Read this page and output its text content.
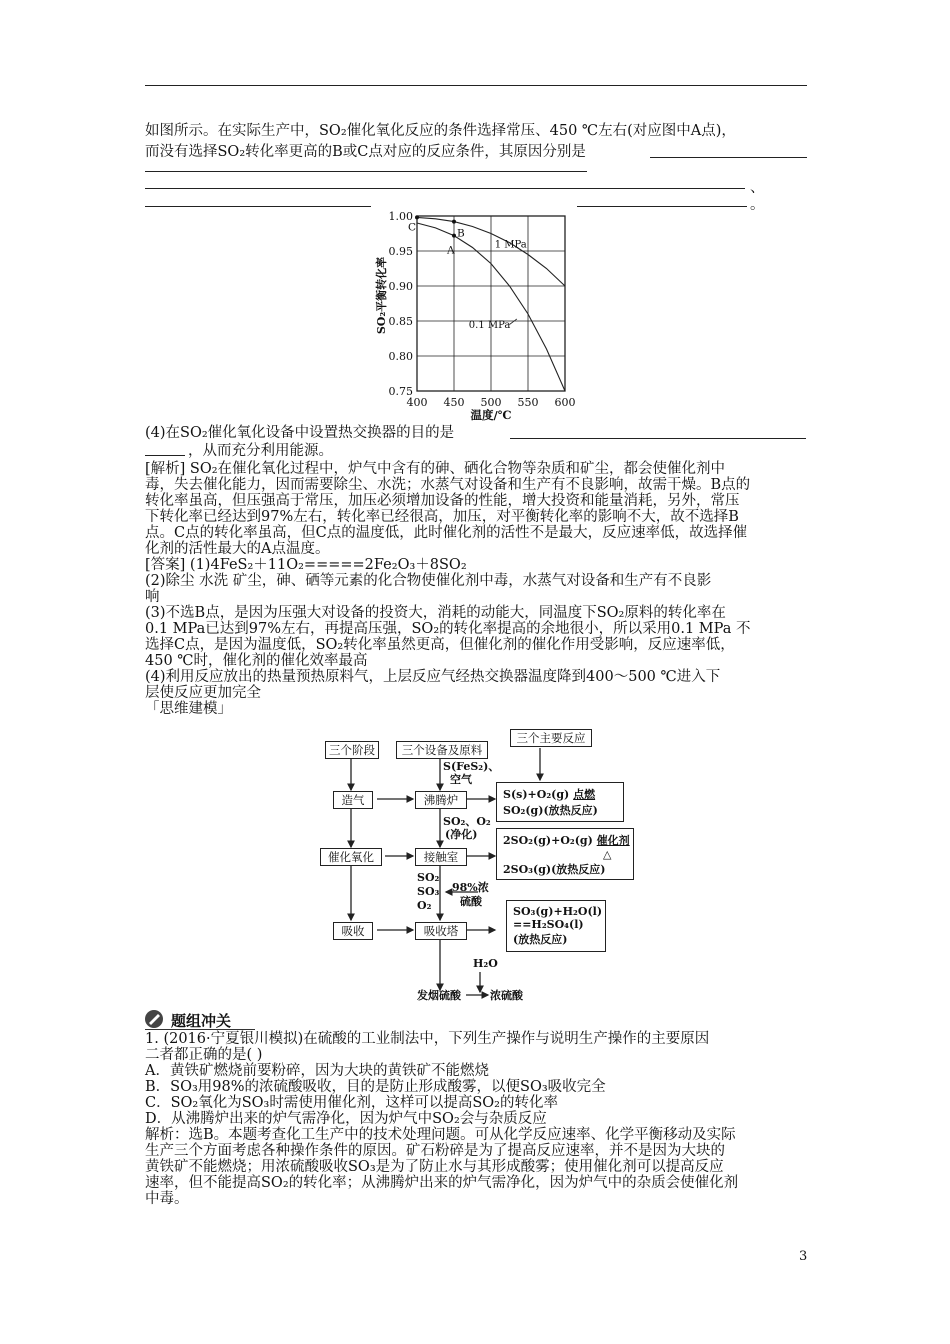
如图所示。在实际生产中，SO₂催化氧化反应的条件选择常压、450 ℃左右(对应图中A点)，
而没有选择SO₂转化率更高的B或C点对应的反应条件，其原因分别是
、
。
400 450 500 550 600
0.75
0.80
0.85
0.90
0.95
1.00
1 MPa
0.1 MPa
C
A
B
温度/℃
SO₂平衡转化率
(4)在SO₂催化氧化设备中设置热交换器的目的是
，从而充分利用能源。
[解析] SO₂在催化氧化过程中，炉气中含有的砷、硒化合物等杂质和矿尘，都会使催化剂中
毒，失去催化能力，因而需要除尘、水洗；水蒸气对设备和生产有不良影响，故需干燥。B点的
转化率虽高，但压强高于常压，加压必须增加设备的性能，增大投资和能量消耗，另外，常压
下转化率已经达到97%左右，转化率已经很高，加压，对平衡转化率的影响不大，故不选择B
点。C点的转化率虽高，但C点的温度低，此时催化剂的活性不是最大，反应速率低，故选择催
化剂的活性最大的A点温度。
[答案] (1)4FeS₂＋11O₂=====2Fe₂O₃＋8SO₂
(2)除尘 水洗 矿尘，砷、硒等元素的化合物使催化剂中毒，水蒸气对设备和生产有不良影
响
(3)不选B点，是因为压强大对设备的投资大，消耗的动能大，同温度下SO₂原料的转化率在
0.1 MPa已达到97%左右，再提高压强，SO₂的转化率提高的余地很小，所以采用0.1 MPa 不
选择C点，是因为温度低，SO₂转化率虽然更高，但催化剂的催化作用受影响，反应速率低，
450 ℃时，催化剂的催化效率最高
(4)利用反应放出的热量预热原料气，上层反应气经热交换器温度降到400～500 ℃进入下
层使反应更加完全
「思维建模」
三个阶段	三个设备及原料
三个主要反应
造气
催化氧化
吸收
沸腾炉
接触室
吸收塔
S(FeS₂)、
空气
SO₂、O₂
(净化)
SO₂
SO₃
O₂
98%浓
硫酸
H₂O
发烟硫酸	浓硫酸
S(s)+O₂(g) 点燃
SO₂(g)(放热反应)
2SO₂(g)+O₂(g) 催化剂
△
2SO₃(g)(放热反应)
SO₃(g)+H₂O(l)
==H₂SO₄(l)
(放热反应)
题组冲关
1. (2016·宁夏银川模拟)在硫酸的工业制法中，下列生产操作与说明生产操作的主要原因
二者都正确的是( )
A．黄铁矿燃烧前要粉碎，因为大块的黄铁矿不能燃烧
B．SO₃用98%的浓硫酸吸收，目的是防止形成酸雾，以便SO₃吸收完全
C．SO₂氧化为SO₃时需使用催化剂，这样可以提高SO₂的转化率
D．从沸腾炉出来的炉气需净化，因为炉气中SO₂会与杂质反应
解析：选B。本题考查化工生产中的技术处理问题。可从化学反应速率、化学平衡移动及实际
生产三个方面考虑各种操作条件的原因。矿石粉碎是为了提高反应速率，并不是因为大块的
黄铁矿不能燃烧；用浓硫酸吸收SO₃是为了防止水与其形成酸雾；使用催化剂可以提高反应
速率，但不能提高SO₂的转化率；从沸腾炉出来的炉气需净化，因为炉气中的杂质会使催化剂
中毒。
3
